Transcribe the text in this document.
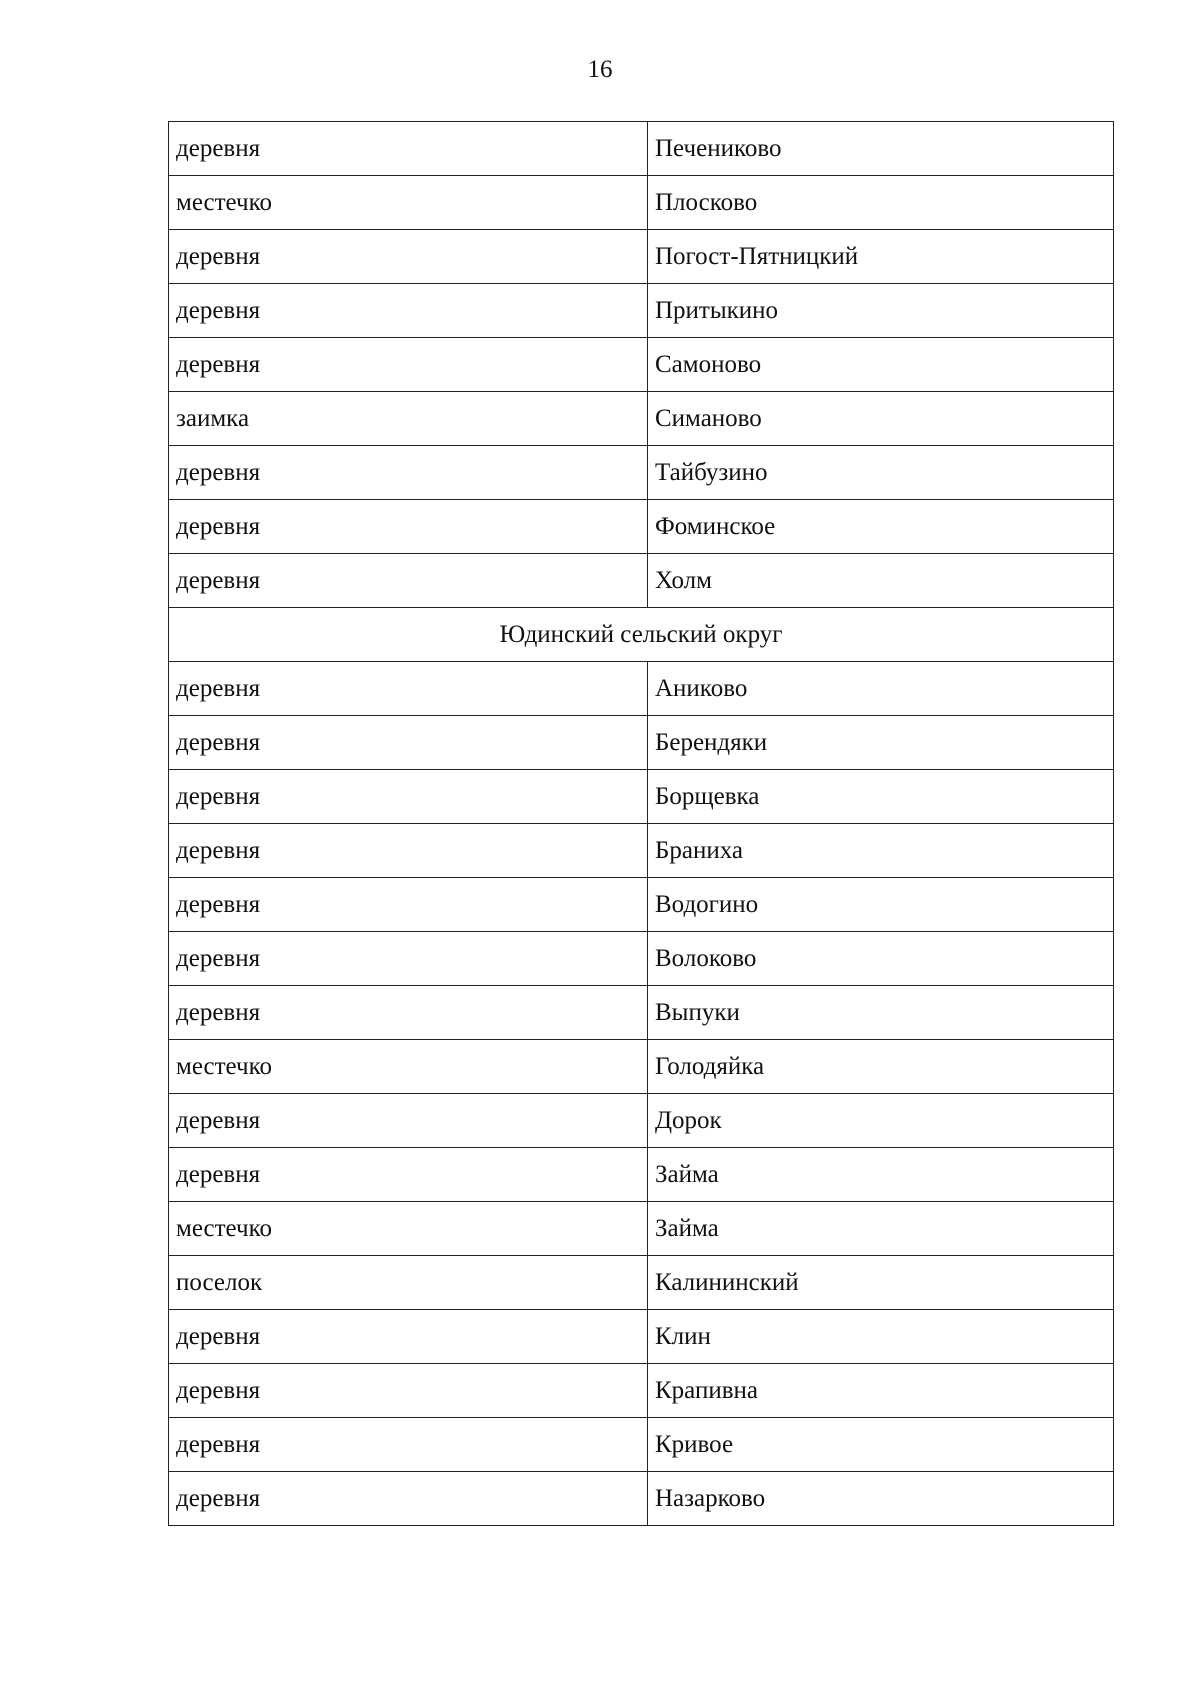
16
деревня	Печениково
местечко	Плосково
деревня	Погост-Пятницкий
деревня	Притыкино
деревня	Самоново
заимка	Симаново
деревня	Тайбузино
деревня	Фоминское
деревня	Холм
Юдинский сельский округ	
деревня	Аниково
деревня	Берендяки
деревня	Борщевка
деревня	Браниха
деревня	Водогино
деревня	Волоково
деревня	Выпуки
местечко	Голодяйка
деревня	Дорок
деревня	Займа
местечко	Займа
поселок	Калининский
деревня	Клин
деревня	Крапивна
деревня	Кривое
деревня	Назарково
